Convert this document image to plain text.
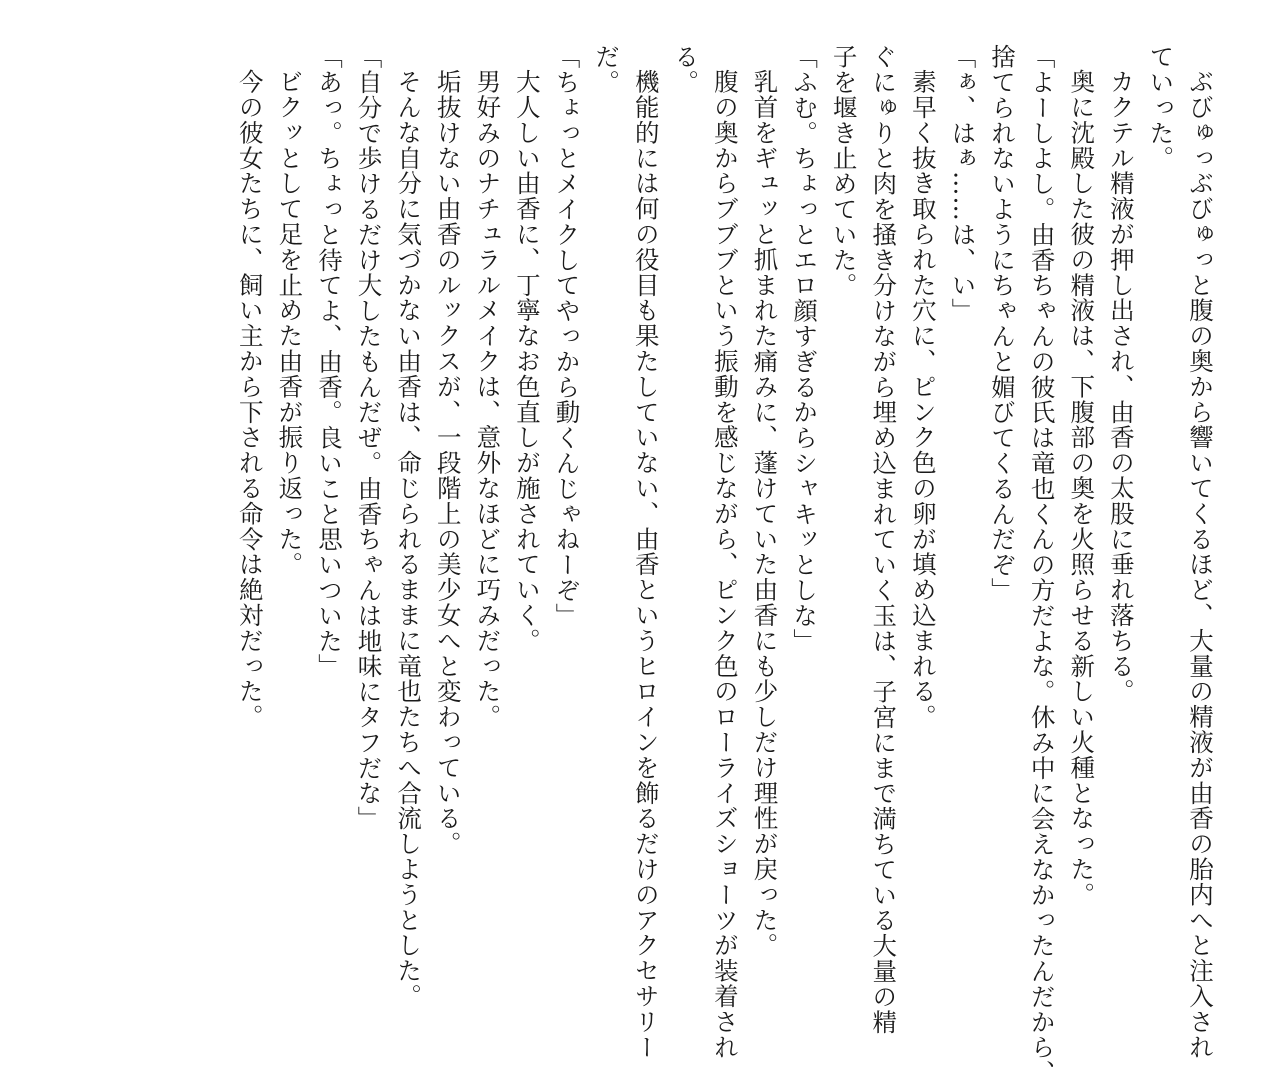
ぶびゅっぶびゅっと腹の奥から響いてくるほど、大量の精液が由香の胎内へと注入され
ていった。
カクテル精液が押し出され、由香の太股に垂れ落ちる。
奥に沈殿した彼の精液は、下腹部の奥を火照らせる新しい火種となった。
「よーしよし。由香ちゃんの彼氏は竜也くんの方だよな。休み中に会えなかったんだから、
捨てられないようにちゃんと媚びてくるんだぞ」
「ぁ、はぁ……は、い」
素早く抜き取られた穴に、ピンク色の卵が填め込まれる。
ぐにゅりと肉を掻き分けながら埋め込まれていく玉は、子宮にまで満ちている大量の精
子を堰き止めていた。
「ふむ。ちょっとエロ顔すぎるからシャキッとしな」
乳首をギュッと抓まれた痛みに、蓬けていた由香にも少しだけ理性が戻った。
腹の奥からブブブという振動を感じながら、ピンク色のローライズショーツが装着され
る。
機能的には何の役目も果たしていない、由香というヒロインを飾るだけのアクセサリー
だ。
「ちょっとメイクしてやっから動くんじゃねーぞ」
大人しい由香に、丁寧なお色直しが施されていく。
男好みのナチュラルメイクは、意外なほどに巧みだった。
垢抜けない由香のルックスが、一段階上の美少女へと変わっている。
そんな自分に気づかない由香は、命じられるままに竜也たちへ合流しようとした。
「自分で歩けるだけ大したもんだぜ。由香ちゃんは地味にタフだな」
「あっ。ちょっと待てよ、由香。良いこと思いついた」
ビクッとして足を止めた由香が振り返った。
今の彼女たちに、飼い主から下される命令は絶対だった。
